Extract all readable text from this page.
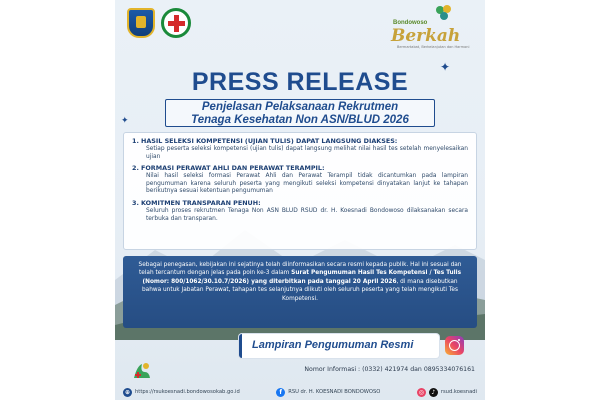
Bondowoso
Berkah
Bermartabat, Berkelanjutan dan Harmoni
PRESS RELEASE
✦
✦
Penjelasan Pelaksanaan Rekrutmen
Tenaga Kesehatan Non ASN/BLUD 2026
1. HASIL SELEKSI KOMPETENSI (UJIAN TULIS) DAPAT LANGSUNG DIAKSES:
Setiap peserta seleksi kompetensi (ujian tulis) dapat langsung melihat nilai hasil tes setelah menyelesaikan ujian
2. FORMASI PERAWAT AHLI DAN PERAWAT TERAMPIL:
Nilai hasil seleksi formasi Perawat Ahli dan Perawat Terampil tidak dicantumkan pada lampiran pengumuman karena seluruh peserta yang mengikuti seleksi kompetensi dinyatakan lanjut ke tahapan berikutnya sesuai ketentuan pengumuman
3. KOMITMEN TRANSPARAN PENUH:
Seluruh proses rekrutmen Tenaga Non ASN BLUD RSUD dr. H. Koesnadi Bondowoso dilaksanakan secara terbuka dan transparan.
Sebagai penegasan, kebijakan ini sejatinya telah diinformasikan secara resmi kepada publik. Hal ini sesuai dan telah tercantum dengan jelas pada poin ke-3 dalam Surat Pengumuman Hasil Tes Kompetensi / Tes Tulis (Nomor: 800/1062/30.10.7/2026) yang diterbitkan pada tanggal 20 April 2026, di mana disebutkan bahwa untuk Jabatan Perawat, tahapan tes selanjutnya diikuti oleh seluruh peserta yang telah mengikuti Tes Kompetensi.
Lampiran Pengumuman Resmi
Nomor Informasi : (0332) 421974 dan 0895334076161
⊕ https://rsukoesnadi.bondowosokab.go.id	f	RSU dr. H. KOESNADI BONDOWOSO	◎	♪	rsud.koesnadi
